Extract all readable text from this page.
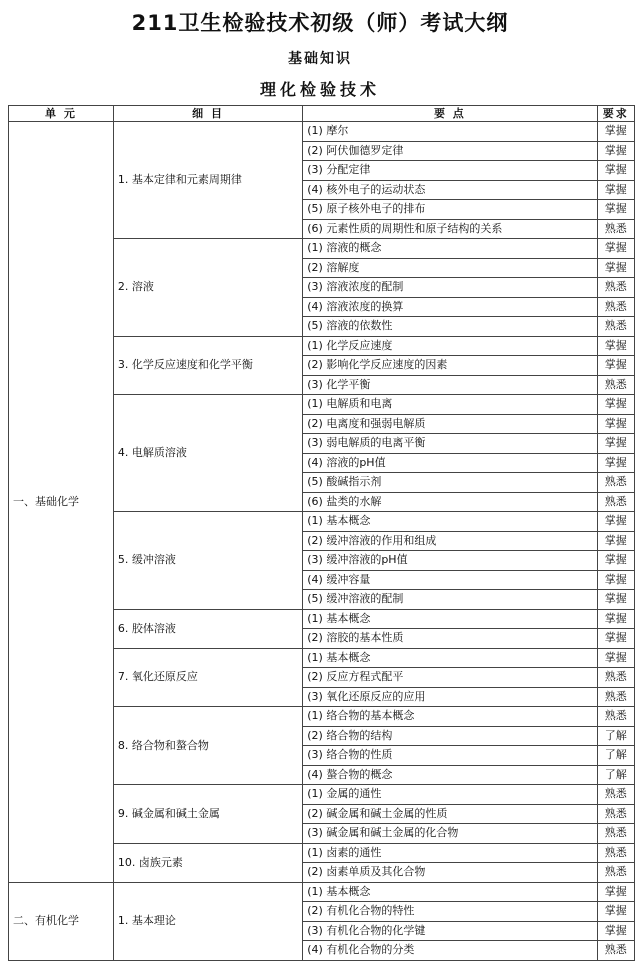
211卫生检验技术初级（师）考试大纲
基础知识
理化检验技术
单 元	细 目	要 点	要求
一、基础化学	1. 基本定律和元素周期律	(1) 摩尔	掌握
		(2) 阿伏伽德罗定律	掌握
		(3) 分配定律	掌握
		(4) 核外电子的运动状态	掌握
		(5) 原子核外电子的排布	掌握
		(6) 元素性质的周期性和原子结构的关系	熟悉
	2. 溶液	(1) 溶液的概念	掌握
		(2) 溶解度	掌握
		(3) 溶液浓度的配制	熟悉
		(4) 溶液浓度的换算	熟悉
		(5) 溶液的依数性	熟悉
	3. 化学反应速度和化学平衡	(1) 化学反应速度	掌握
		(2) 影响化学反应速度的因素	掌握
		(3) 化学平衡	熟悉
	4. 电解质溶液	(1) 电解质和电离	掌握
		(2) 电离度和强弱电解质	掌握
		(3) 弱电解质的电离平衡	掌握
		(4) 溶液的pH值	掌握
		(5) 酸碱指示剂	熟悉
		(6) 盐类的水解	熟悉
	5. 缓冲溶液	(1) 基本概念	掌握
		(2) 缓冲溶液的作用和组成	掌握
		(3) 缓冲溶液的pH值	掌握
		(4) 缓冲容量	掌握
		(5) 缓冲溶液的配制	掌握
	6. 胶体溶液	(1) 基本概念	掌握
		(2) 溶胶的基本性质	掌握
	7. 氧化还原反应	(1) 基本概念	掌握
		(2) 反应方程式配平	熟悉
		(3) 氧化还原反应的应用	熟悉
	8. 络合物和螯合物	(1) 络合物的基本概念	熟悉
		(2) 络合物的结构	了解
		(3) 络合物的性质	了解
		(4) 螯合物的概念	了解
	9. 碱金属和碱土金属	(1) 金属的通性	熟悉
		(2) 碱金属和碱土金属的性质	熟悉
		(3) 碱金属和碱土金属的化合物	熟悉
	10. 卤族元素	(1) 卤素的通性	熟悉
		(2) 卤素单质及其化合物	熟悉
二、有机化学	1. 基本理论	(1) 基本概念	掌握
		(2) 有机化合物的特性	掌握
		(3) 有机化合物的化学键	掌握
		(4) 有机化合物的分类	熟悉
